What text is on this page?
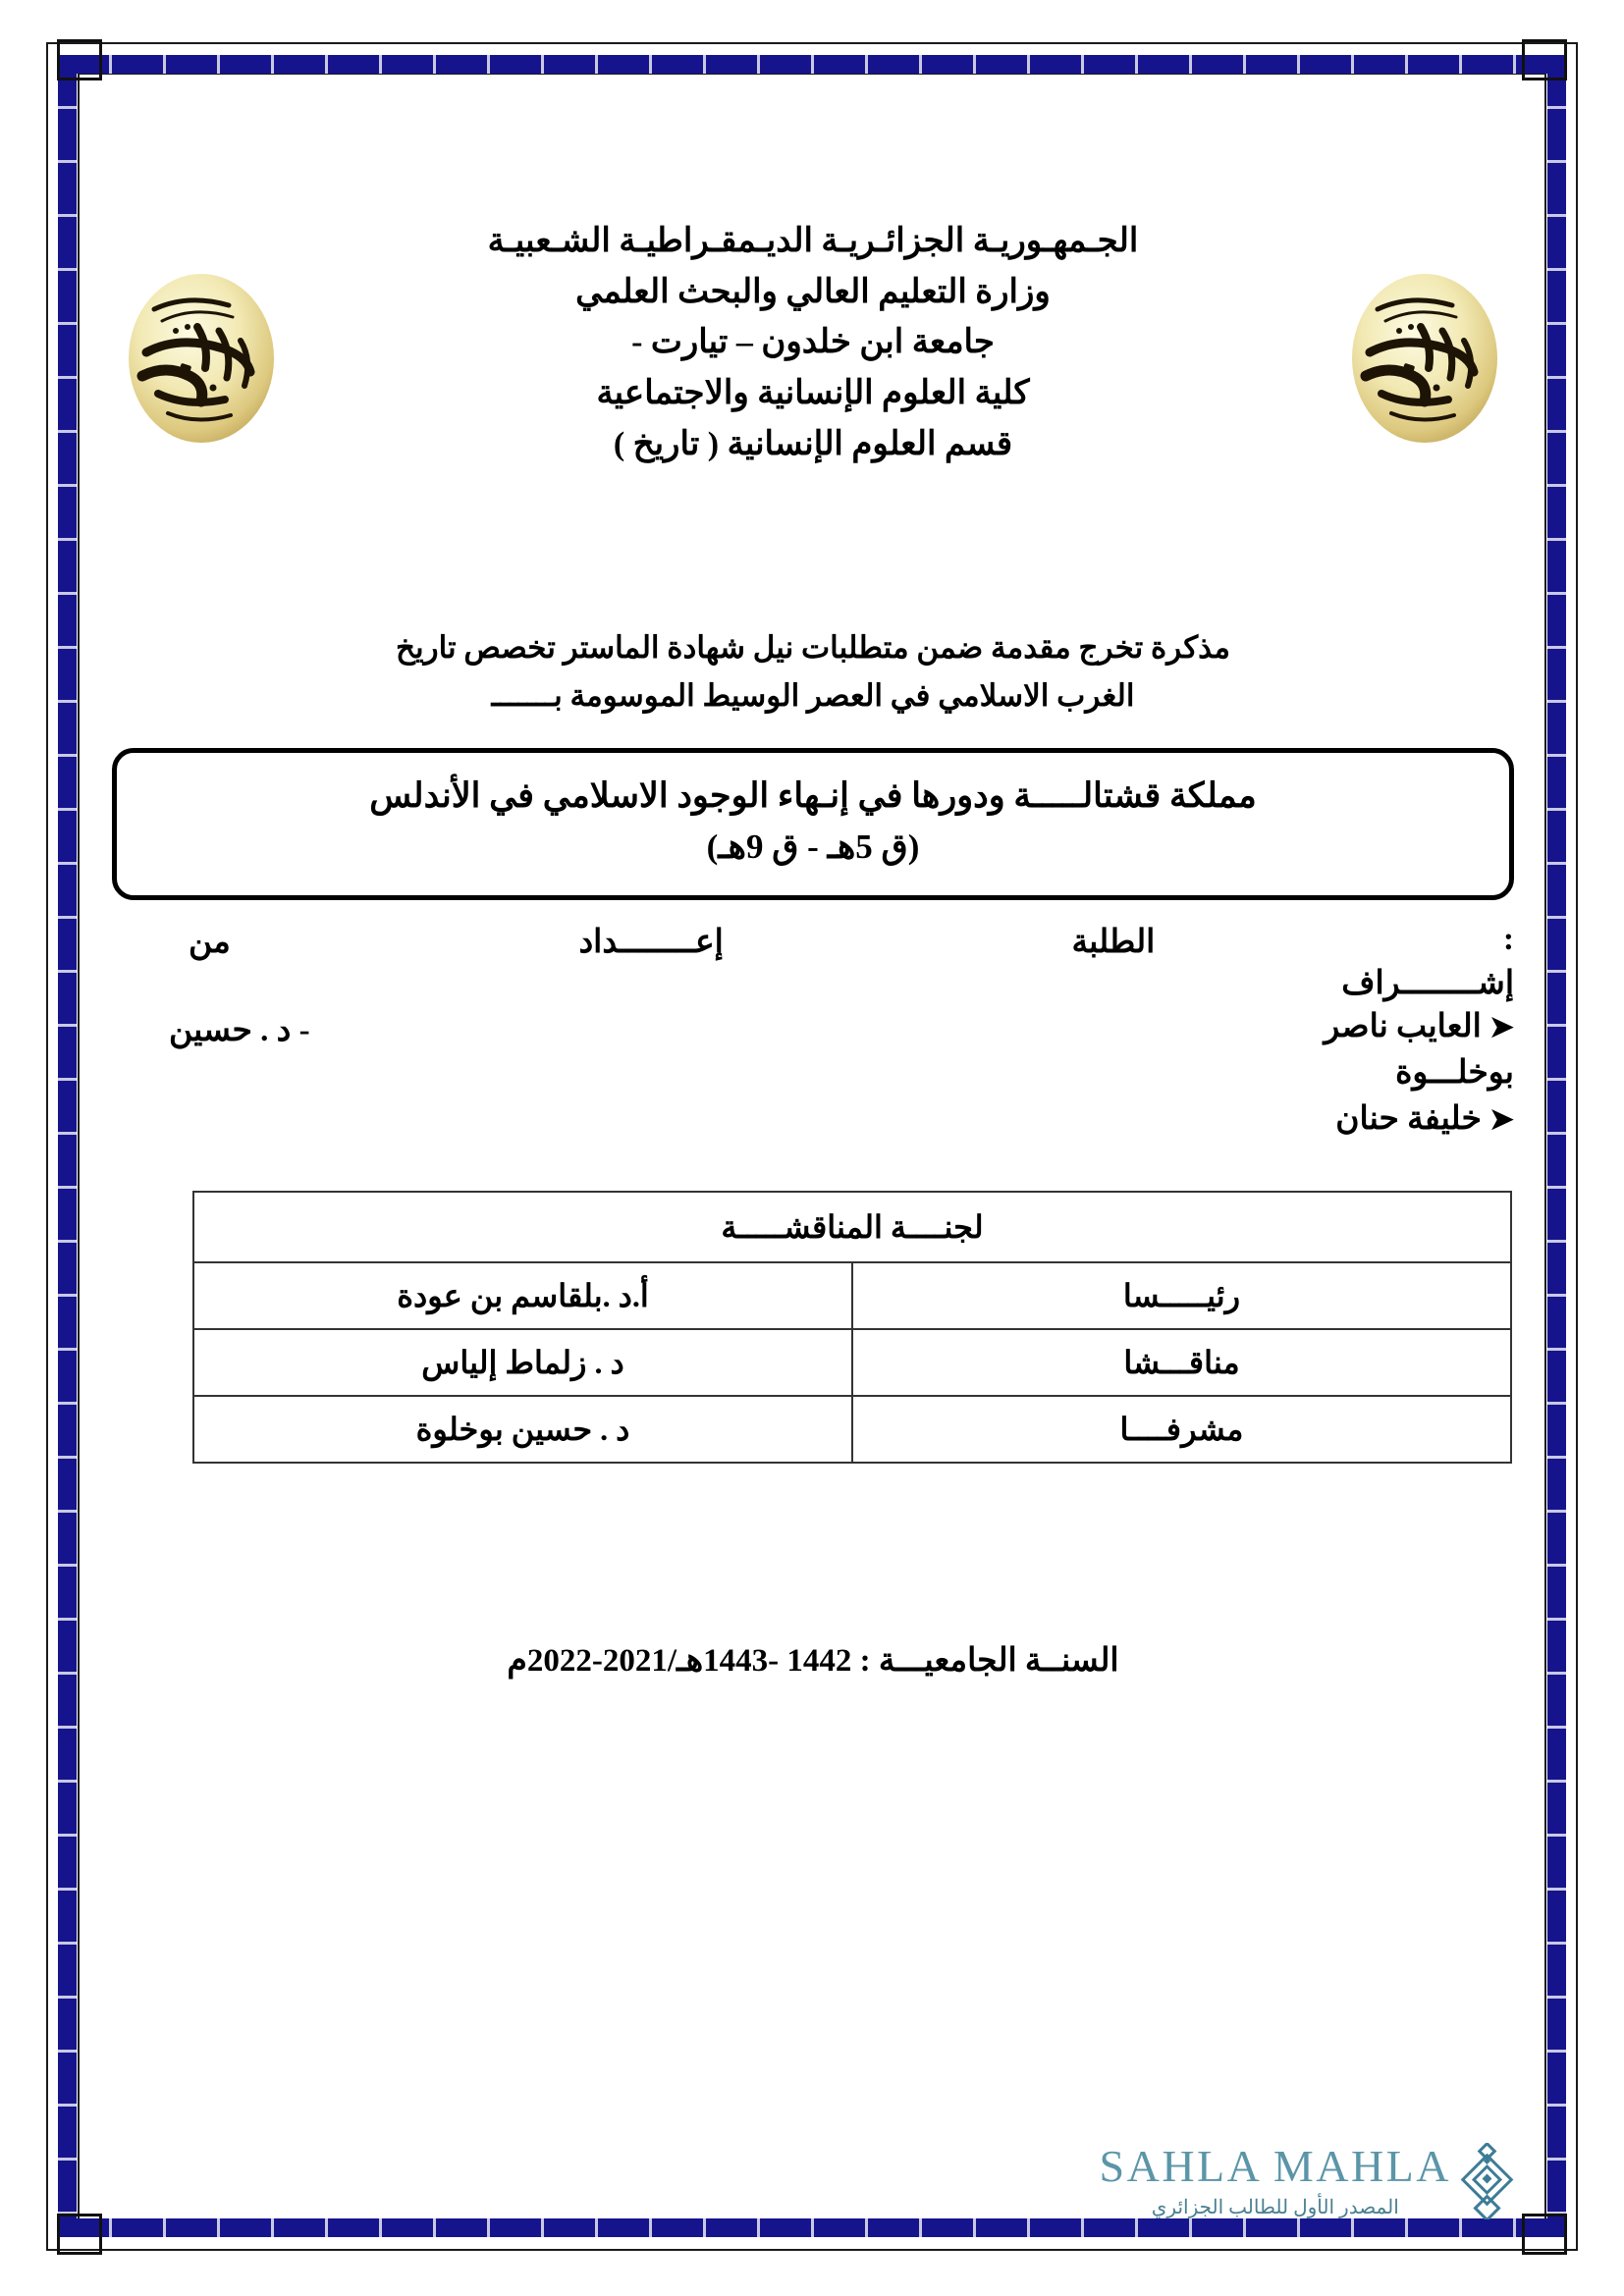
الجـمهـوريـة الجزائـريـة الديـمقـراطيـة الشـعبيـة
وزارة التعليم العالي والبحث العلمي
جامعة ابن خلدون – تيارت -
كلية العلوم الإنسانية والاجتماعية
قسم العلوم الإنسانية ( تاريخ )
مذكرة تخرج مقدمة ضمن متطلبات نيل شهادة الماستر تخصص تاريخ
الغرب الاسلامي في العصر الوسيط الموسومة بـــــــ
مملكة قشتالـــــة ودورها في إنـهاء الوجود الاسلامي في الأندلس
(ق 5هـ - ق 9هـ)
:
الطلبة
إعــــــــداد
من
إشــــــــراف
➤العايب ناصر
بوخلـــوة
➤خليفة حنان
- د . حسين
لجنــــة المناقشـــــة	
رئيـــــسا	أ.د .بلقاسم بن عودة
مناقـــشا	د . زلماط إلياس
مشرفــــا	د . حسين بوخلوة
السنــة الجامعيـــة : 1442 -1443هـ/2021-2022م
SAHLA MAHLA
المصدر الأول للطالب الجزائري
